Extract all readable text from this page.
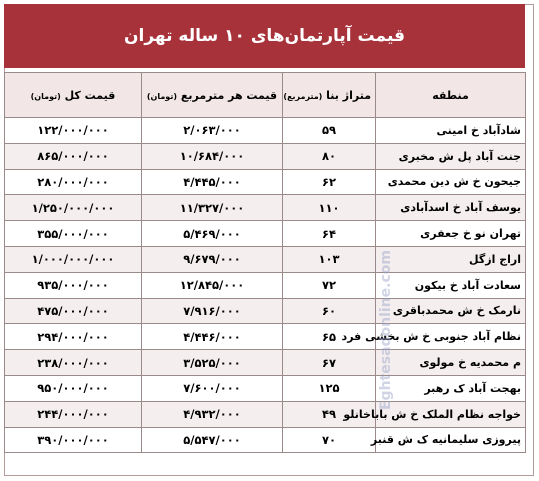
قیمت آپارتمان‌های ۱۰ ساله تهران
منطقه	متراژ بنا (مترمربع)	قیمت هر مترمربع (تومان)	قیمت کل (تومان)
شادآباد خ امینی	۵۹	۲/۰۶۳/۰۰۰	۱۲۲/۰۰۰/۰۰۰
جنت آباد پل ش مخبری	۸۰	۱۰/۶۸۴/۰۰۰	۸۶۵/۰۰۰/۰۰۰
جیحون خ ش دین محمدی	۶۲	۴/۴۴۵/۰۰۰	۲۸۰/۰۰۰/۰۰۰
یوسف آباد خ اسدآبادی	۱۱۰	۱۱/۳۲۷/۰۰۰	۱/۲۵۰/۰۰۰/۰۰۰
تهران نو خ جعفری	۶۴	۵/۴۶۹/۰۰۰	۳۵۵/۰۰۰/۰۰۰
اراج ازگل	۱۰۳	۹/۶۷۹/۰۰۰	۱/۰۰۰/۰۰۰/۰۰۰
سعادت آباد خ بیکون	۷۲	۱۲/۸۴۵/۰۰۰	۹۳۵/۰۰۰/۰۰۰
نارمک خ ش محمدباقری	۶۰	۷/۹۱۶/۰۰۰	۴۷۵/۰۰۰/۰۰۰
نظام آباد جنوبی خ ش بخشی فرد	۶۵	۴/۴۴۶/۰۰۰	۲۹۴/۰۰۰/۰۰۰
م محمدیه خ مولوی	۶۷	۳/۵۲۵/۰۰۰	۲۳۸/۰۰۰/۰۰۰
بهجت آباد ک رهبر	۱۲۵	۷/۶۰۰/۰۰۰	۹۵۰/۰۰۰/۰۰۰
خواجه نظام الملک خ ش باباخانلو	۴۹	۴/۹۳۲/۰۰۰	۲۴۴/۰۰۰/۰۰۰
پیروزی سلیمانیه ک ش قنبر	۷۰	۵/۵۴۷/۰۰۰	۳۹۰/۰۰۰/۰۰۰
Eghtesadonline.com
